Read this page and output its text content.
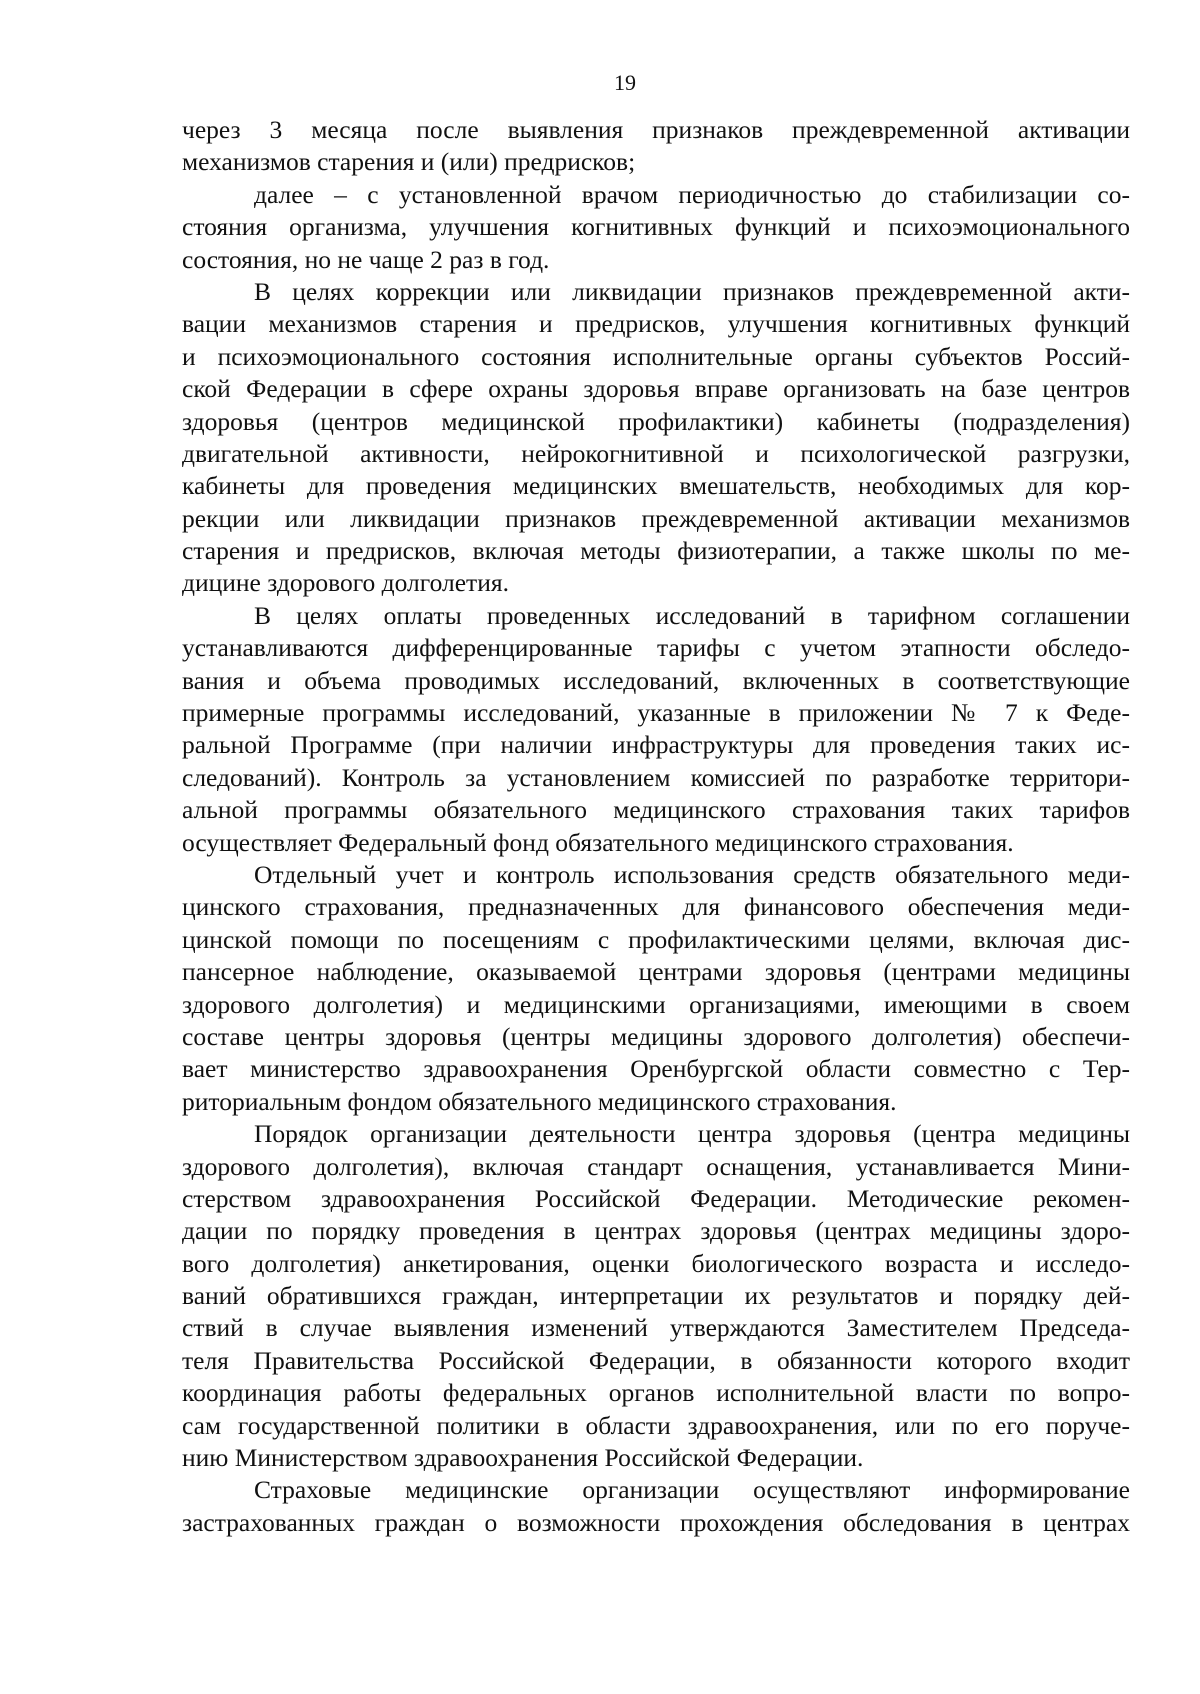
19
через 3 месяца после выявления признаков преждевременной активации
механизмов старения и (или) предрисков;
далее – с установленной врачом периодичностью до стабилизации со-
стояния организма, улучшения когнитивных функций и психоэмоционального
состояния, но не чаще 2 раз в год.
В целях коррекции или ликвидации признаков преждевременной акти-
вации механизмов старения и предрисков, улучшения когнитивных функций
и психоэмоционального состояния исполнительные органы субъектов Россий-
ской Федерации в сфере охраны здоровья вправе организовать на базе центров
здоровья (центров медицинской профилактики) кабинеты (подразделения)
двигательной активности, нейрокогнитивной и психологической разгрузки,
кабинеты для проведения медицинских вмешательств, необходимых для кор-
рекции или ликвидации признаков преждевременной активации механизмов
старения и предрисков, включая методы физиотерапии, а также школы по ме-
дицине здорового долголетия.
В целях оплаты проведенных исследований в тарифном соглашении
устанавливаются дифференцированные тарифы с учетом этапности обследо-
вания и объема проводимых исследований, включенных в соответствующие
примерные программы исследований, указанные в приложении № 7 к Феде-
ральной Программе (при наличии инфраструктуры для проведения таких ис-
следований). Контроль за установлением комиссией по разработке территори-
альной программы обязательного медицинского страхования таких тарифов
осуществляет Федеральный фонд обязательного медицинского страхования.
Отдельный учет и контроль использования средств обязательного меди-
цинского страхования, предназначенных для финансового обеспечения меди-
цинской помощи по посещениям с профилактическими целями, включая дис-
пансерное наблюдение, оказываемой центрами здоровья (центрами медицины
здорового долголетия) и медицинскими организациями, имеющими в своем
составе центры здоровья (центры медицины здорового долголетия) обеспечи-
вает министерство здравоохранения Оренбургской области совместно с Тер-
риториальным фондом обязательного медицинского страхования.
Порядок организации деятельности центра здоровья (центра медицины
здорового долголетия), включая стандарт оснащения, устанавливается Мини-
стерством здравоохранения Российской Федерации. Методические рекомен-
дации по порядку проведения в центрах здоровья (центрах медицины здоро-
вого долголетия) анкетирования, оценки биологического возраста и исследо-
ваний обратившихся граждан, интерпретации их результатов и порядку дей-
ствий в случае выявления изменений утверждаются Заместителем Председа-
теля Правительства Российской Федерации, в обязанности которого входит
координация работы федеральных органов исполнительной власти по вопро-
сам государственной политики в области здравоохранения, или по его поруче-
нию Министерством здравоохранения Российской Федерации.
Страховые медицинские организации осуществляют информирование
застрахованных граждан о возможности прохождения обследования в центрах
